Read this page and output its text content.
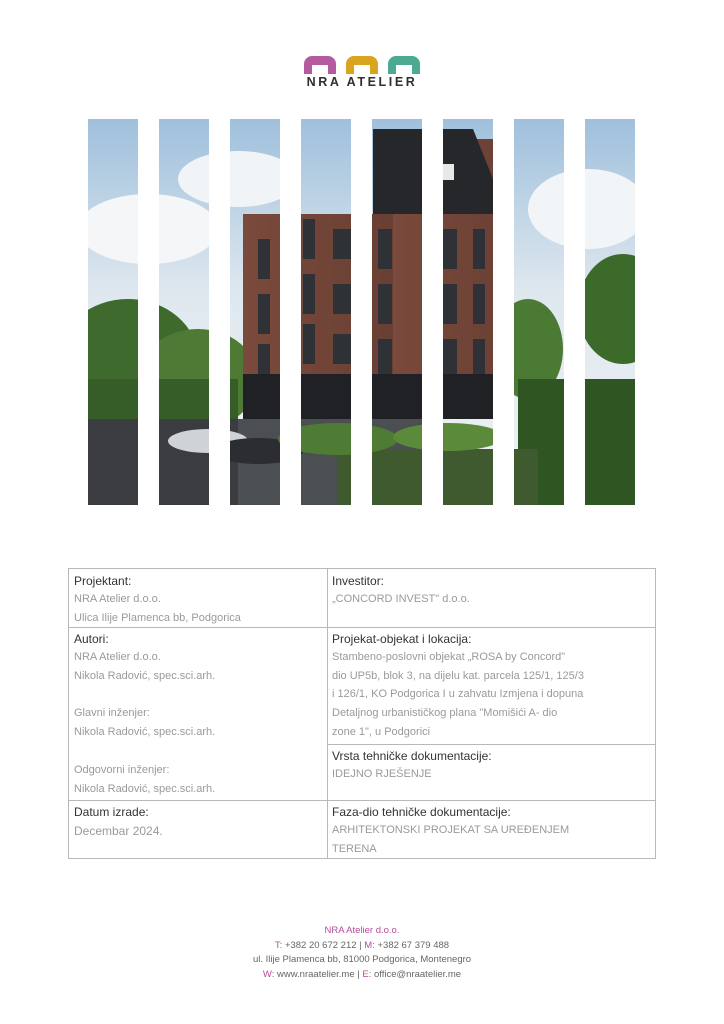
NRA ATELIER
Projektant:
NRA Atelier d.o.o.
Ulica Ilije Plamenca bb, Podgorica
Investitor:
„CONCORD INVEST" d.o.o.
Autori:
NRA Atelier d.o.o.
Nikola Radović, spec.sci.arh.
Glavni inženjer:
Nikola Radović, spec.sci.arh.
Odgovorni inženjer:
Nikola Radović, spec.sci.arh.
Projekat-objekat i lokacija:
Stambeno-poslovni objekat „ROSA by Concord"
dio UP5b, blok 3, na dijelu kat. parcela 125/1, 125/3
i 126/1, KO Podgorica I u zahvatu Izmjena i dopuna
Detaljnog urbanističkog plana "Momišići A- dio
zone 1", u Podgorici
Vrsta tehničke dokumentacije:
IDEJNO RJEŠENJE
Datum izrade:
Decembar 2024.
Faza-dio tehničke dokumentacije:
ARHITEKTONSKI PROJEKAT SA UREĐENJEM
TERENA
NRA Atelier d.o.o.
T: +382 20 672 212 | M: +382 67 379 488
ul. Ilije Plamenca bb, 81000 Podgorica, Montenegro
W: www.nraatelier.me | E: office@nraatelier.me
